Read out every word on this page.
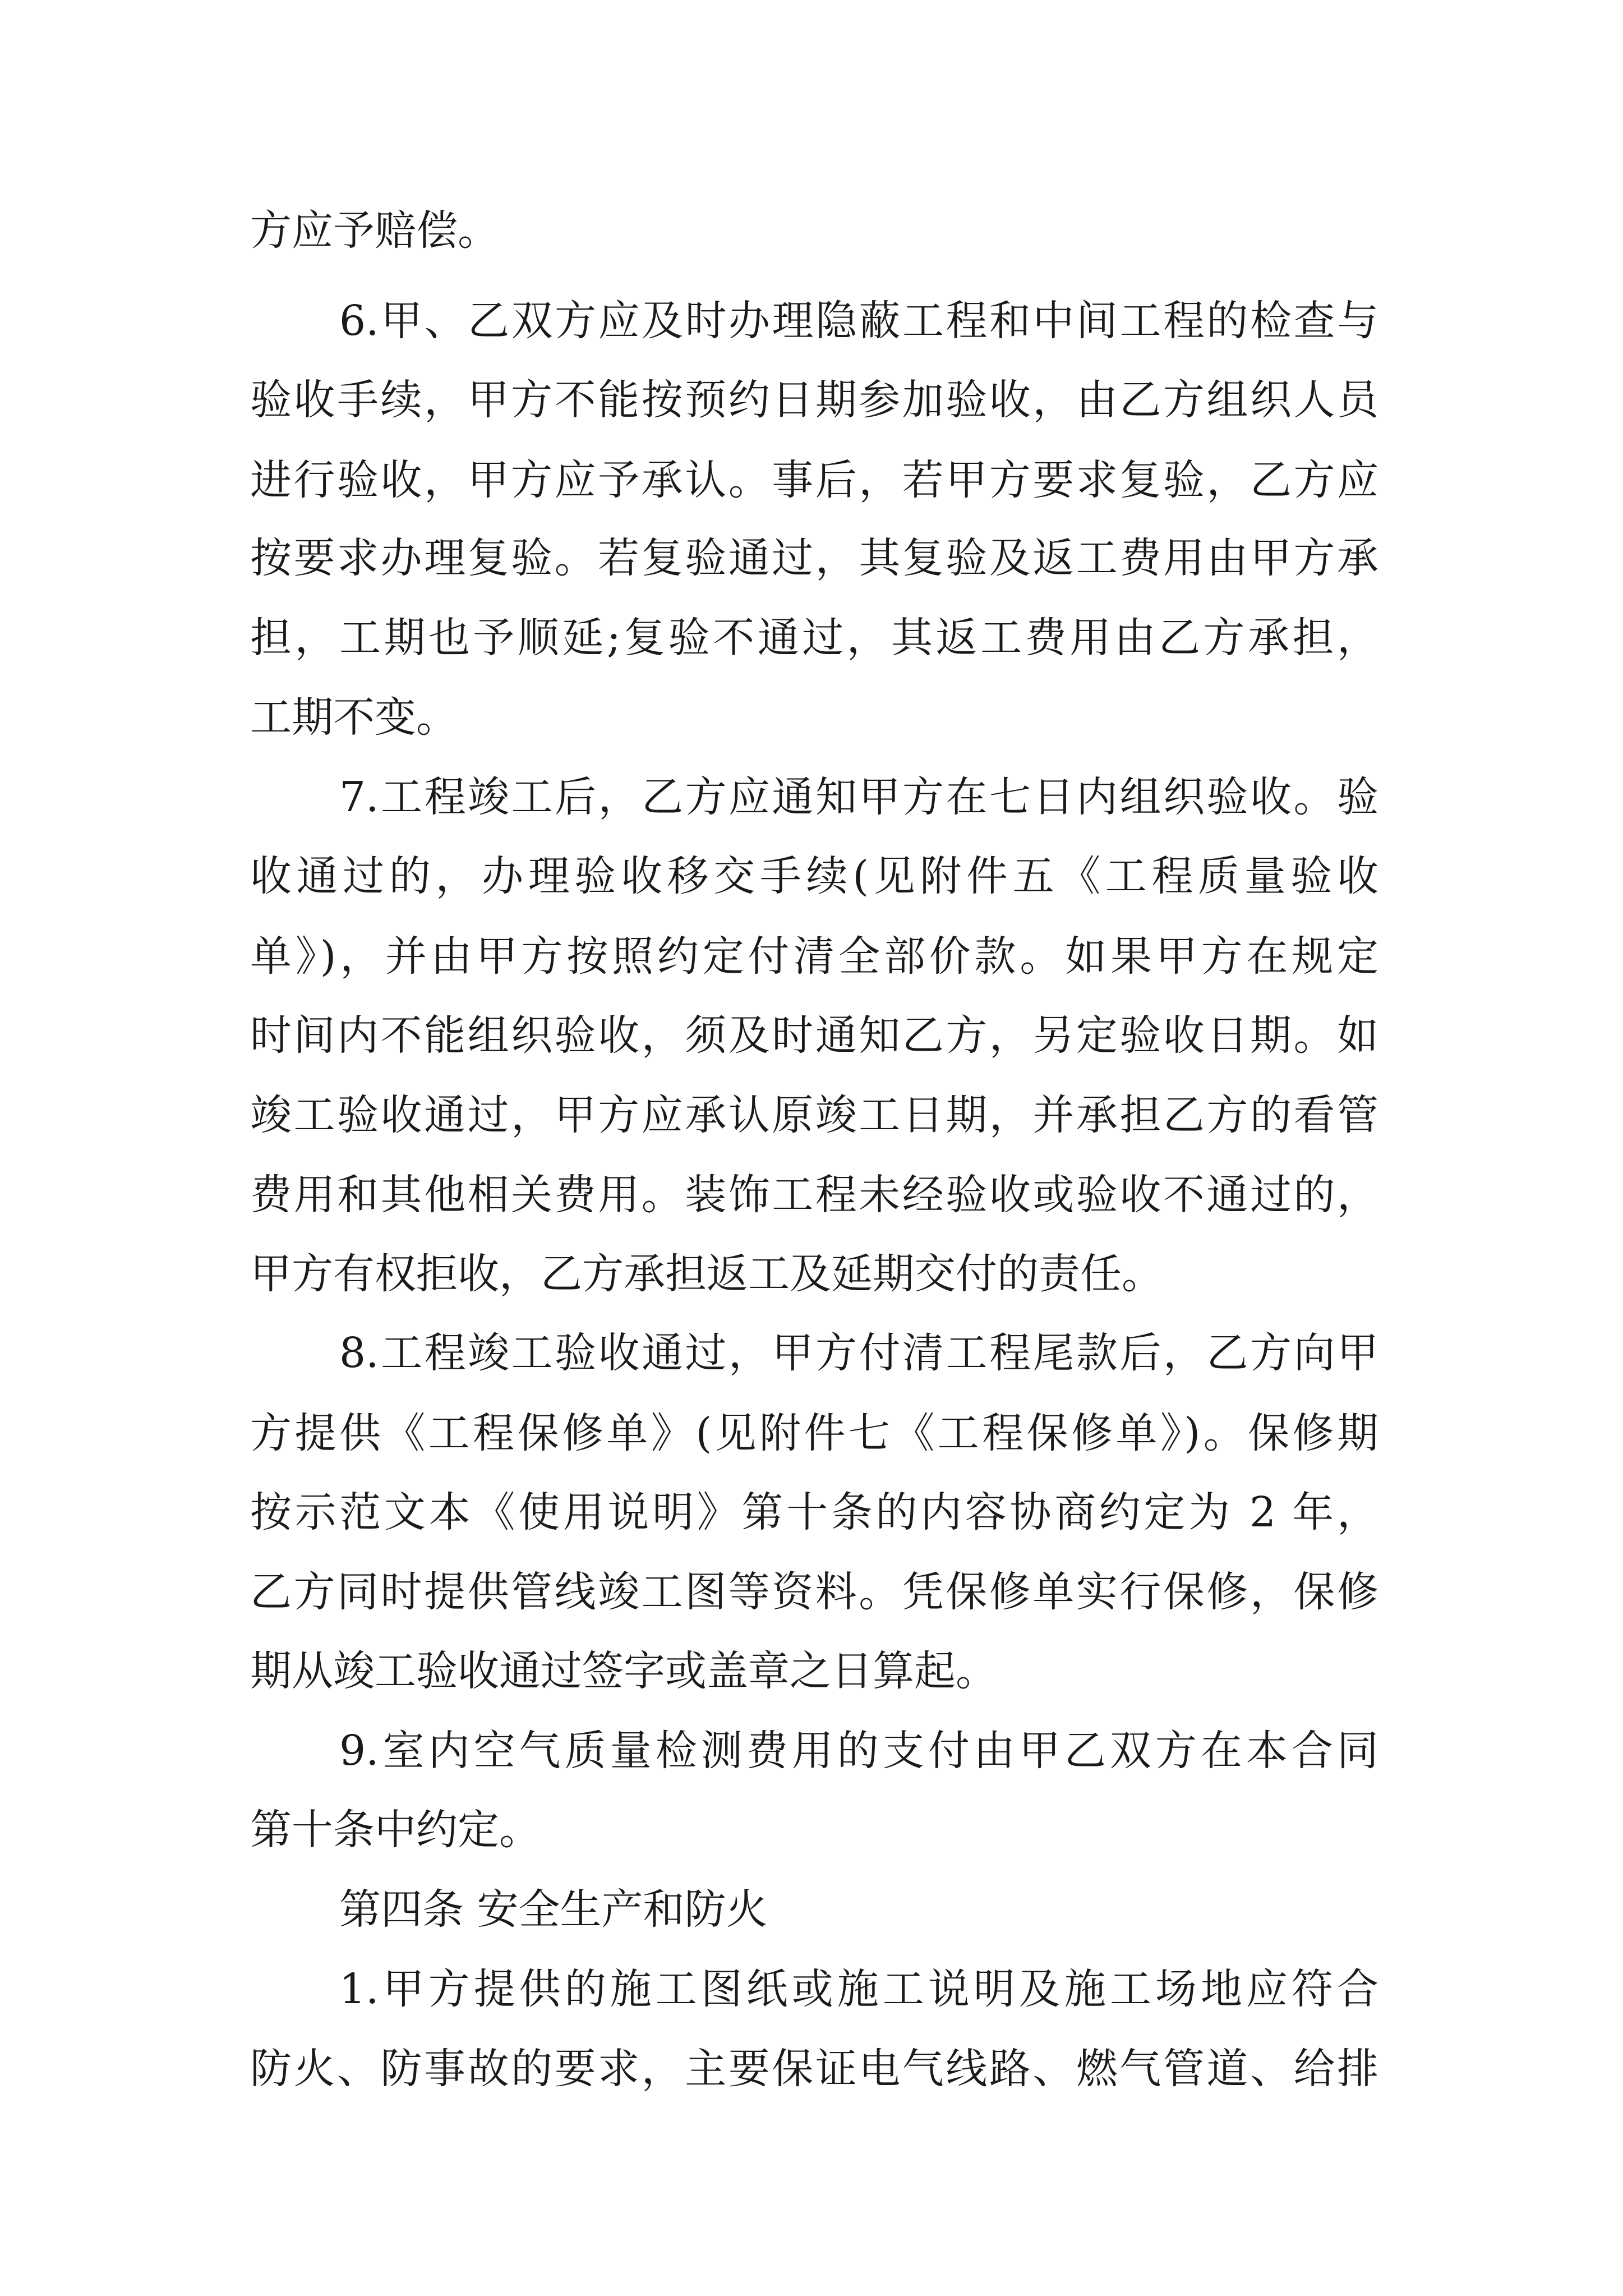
方应予赔偿。
6.甲、乙双方应及时办理隐蔽工程和中间工程的检查与
验收手续，甲方不能按预约日期参加验收，由乙方组织人员
进行验收，甲方应予承认。事后，若甲方要求复验，乙方应
按要求办理复验。若复验通过，其复验及返工费用由甲方承
担，工期也予顺延;复验不通过，其返工费用由乙方承担，
工期不变。
7.工程竣工后，乙方应通知甲方在七日内组织验收。验
收通过的，办理验收移交手续(见附件五《工程质量验收
单》)，并由甲方按照约定付清全部价款。如果甲方在规定
时间内不能组织验收，须及时通知乙方，另定验收日期。如
竣工验收通过，甲方应承认原竣工日期，并承担乙方的看管
费用和其他相关费用。装饰工程未经验收或验收不通过的，
甲方有权拒收，乙方承担返工及延期交付的责任。
8.工程竣工验收通过，甲方付清工程尾款后，乙方向甲
方提供《工程保修单》(见附件七《工程保修单》)。保修期
按示范文本《使用说明》第十条的内容协商约定为 2 年，
乙方同时提供管线竣工图等资料。凭保修单实行保修，保修
期从竣工验收通过签字或盖章之日算起。
9.室内空气质量检测费用的支付由甲乙双方在本合同
第十条中约定。
第四条 安全生产和防火
1.甲方提供的施工图纸或施工说明及施工场地应符合
防火、防事故的要求，主要保证电气线路、燃气管道、给排
